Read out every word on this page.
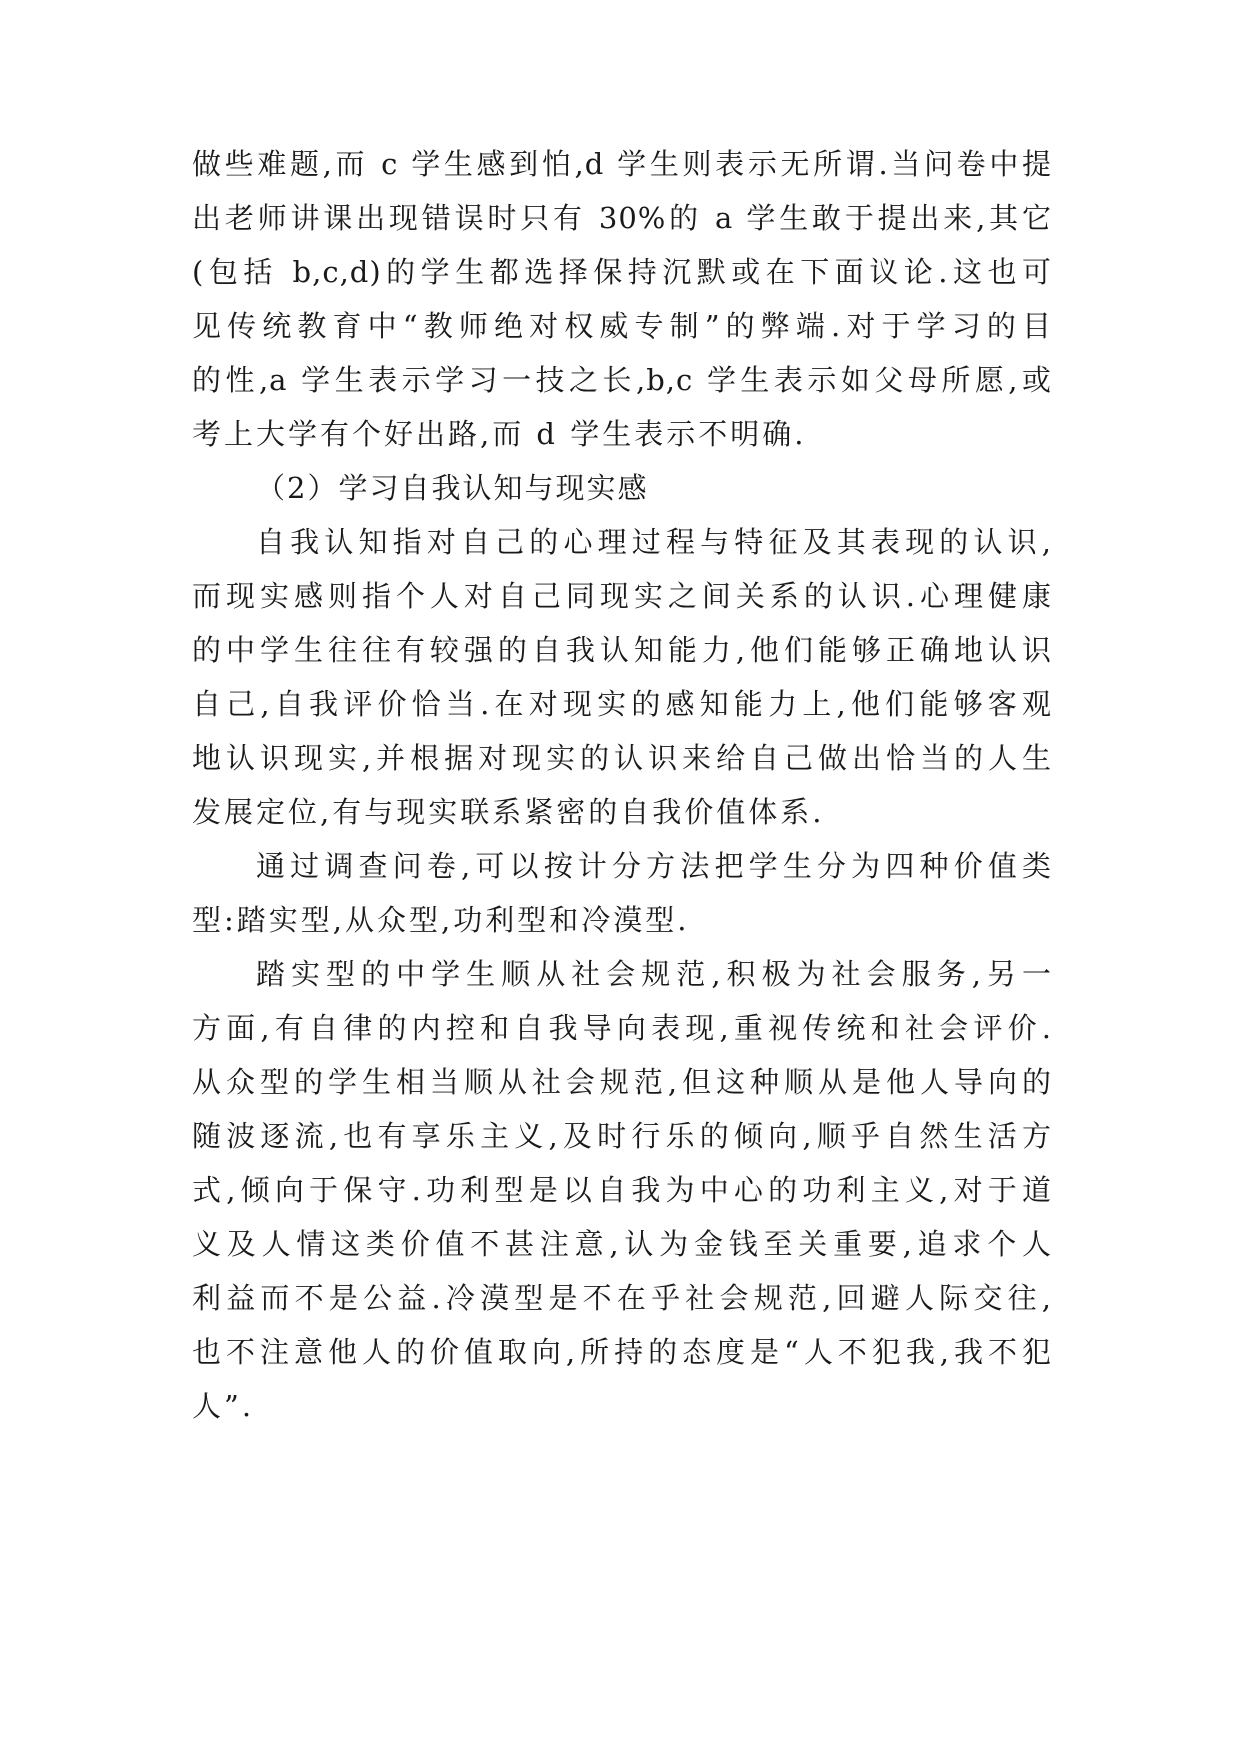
做些难题,而 c 学生感到怕,d 学生则表示无所谓.当问卷中提
出老师讲课出现错误时只有 30%的 a 学生敢于提出来,其它
(包括 b,c,d)的学生都选择保持沉默或在下面议论.这也可
见传统教育中“教师绝对权威专制”的弊端.对于学习的目
的性,a 学生表示学习一技之长,b,c 学生表示如父母所愿,或
考上大学有个好出路,而 d 学生表示不明确.
（2）学习自我认知与现实感
自我认知指对自己的心理过程与特征及其表现的认识,
而现实感则指个人对自己同现实之间关系的认识.心理健康
的中学生往往有较强的自我认知能力,他们能够正确地认识
自己,自我评价恰当.在对现实的感知能力上,他们能够客观
地认识现实,并根据对现实的认识来给自己做出恰当的人生
发展定位,有与现实联系紧密的自我价值体系.
通过调查问卷,可以按计分方法把学生分为四种价值类
型:踏实型,从众型,功利型和冷漠型.
踏实型的中学生顺从社会规范,积极为社会服务,另一
方面,有自律的内控和自我导向表现,重视传统和社会评价.
从众型的学生相当顺从社会规范,但这种顺从是他人导向的
随波逐流,也有享乐主义,及时行乐的倾向,顺乎自然生活方
式,倾向于保守.功利型是以自我为中心的功利主义,对于道
义及人情这类价值不甚注意,认为金钱至关重要,追求个人
利益而不是公益.冷漠型是不在乎社会规范,回避人际交往,
也不注意他人的价值取向,所持的态度是“人不犯我,我不犯
人”.
